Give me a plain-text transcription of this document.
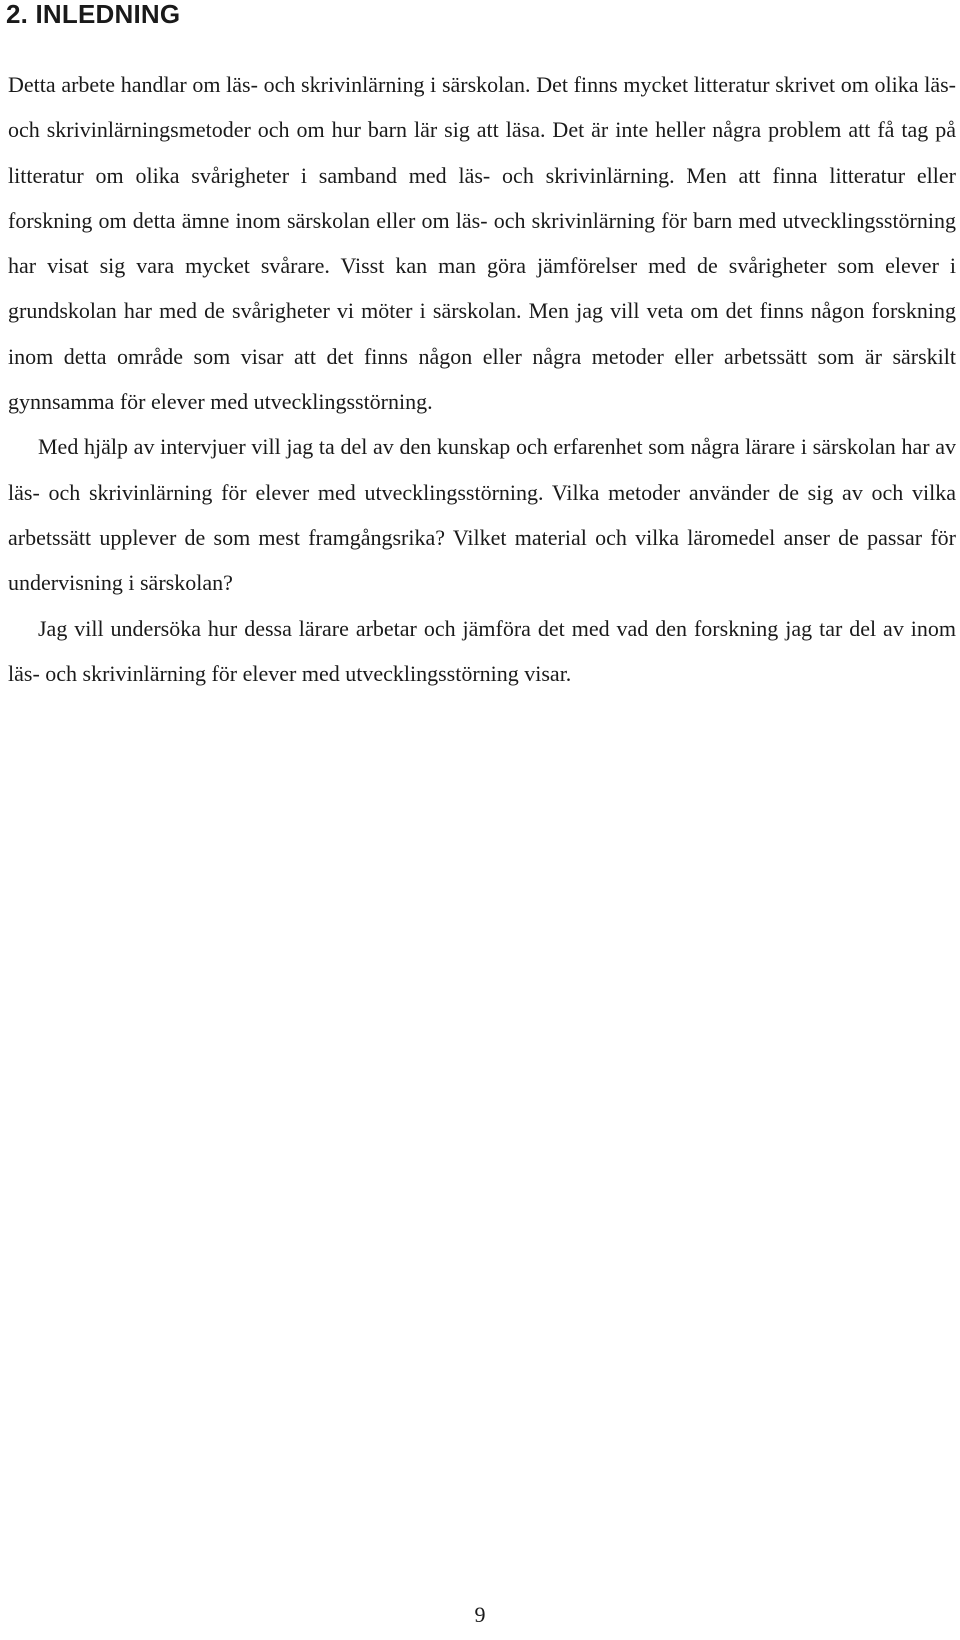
2. INLEDNING

Detta arbete handlar om läs- och skrivinlärning i särskolan. Det finns mycket litteratur skrivet om olika läs- och skrivinlärningsmetoder och om hur barn lär sig att läsa. Det är inte heller några problem att få tag på litteratur om olika svårigheter i samband med läs- och skrivinlärning. Men att finna litteratur eller forskning om detta ämne inom särskolan eller om läs- och skrivinlärning för barn med utvecklingsstörning har visat sig vara mycket svårare. Visst kan man göra jämförelser med de svårigheter som elever i grundskolan har med de svårigheter vi möter i särskolan. Men jag vill veta om det finns någon forskning inom detta område som visar att det finns någon eller några metoder eller arbetssätt som är särskilt gynnsamma för elever med utvecklingsstörning.

Med hjälp av intervjuer vill jag ta del av den kunskap och erfarenhet som några lärare i särskolan har av läs- och skrivinlärning för elever med utvecklingsstörning. Vilka metoder använder de sig av och vilka arbetssätt upplever de som mest framgångsrika? Vilket material och vilka läromedel anser de passar för undervisning i särskolan?

Jag vill undersöka hur dessa lärare arbetar och jämföra det med vad den forskning jag tar del av inom läs- och skrivinlärning för elever med utvecklingsstörning visar.

9
